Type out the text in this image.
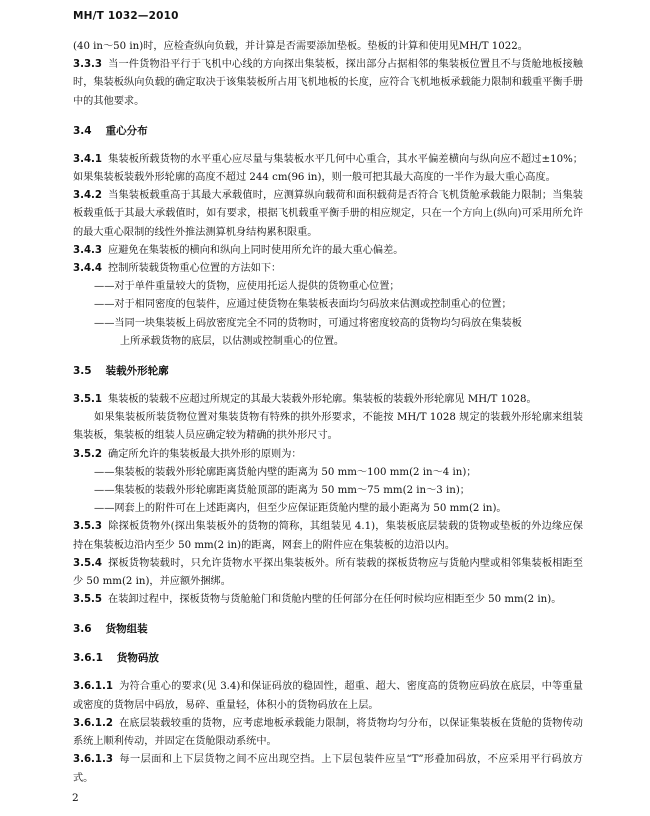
MH/T 1032—2010

(40 in～50 in)时，应检查纵向负载，并计算是否需要添加垫板。垫板的计算和使用见MH/T 1022。

3.3.3 当一件货物沿平行于飞机中心线的方向探出集装板，探出部分占据相邻的集装板位置且不与货舱地板接触时，集装板纵向负载的确定取决于该集装板所占用飞机地板的长度，应符合飞机地板承载能力限制和载重平衡手册中的其他要求。

3.4 重心分布

3.4.1 集装板所载货物的水平重心应尽量与集装板水平几何中心重合，其水平偏差横向与纵向应不超过±10%；如果集装板装载外形轮廓的高度不超过 244 cm(96 in)，则一般可把其最大高度的一半作为最大重心高度。

3.4.2 当集装板载重高于其最大承载值时，应测算纵向载荷和面积载荷是否符合飞机货舱承载能力限制；当集装板载重低于其最大承载值时，如有要求，根据飞机载重平衡手册的相应规定，只在一个方向上(纵向)可采用所允许的最大重心限制的线性外推法测算机身结构累积限重。

3.4.3 应避免在集装板的横向和纵向上同时使用所允许的最大重心偏差。

3.4.4 控制所装载货物重心位置的方法如下：

——对于单件重量较大的货物，应使用托运人提供的货物重心位置；

——对于相同密度的包装件，应通过使货物在集装板表面均匀码放来估测或控制重心的位置；

——当同一块集装板上码放密度完全不同的货物时，可通过将密度较高的货物均匀码放在集装板

上所承载货物的底层，以估测或控制重心的位置。

3.5 装载外形轮廓

3.5.1 集装板的装载不应超过所规定的其最大装载外形轮廓。集装板的装载外形轮廓见 MH/T 1028。

如果集装板所装货物位置对集装货物有特殊的拱外形要求，不能按 MH/T 1028 规定的装载外形轮廓来组装集装板，集装板的组装人员应确定较为精确的拱外形尺寸。

3.5.2 确定所允许的集装板最大拱外形的原则为：

——集装板的装载外形轮廓距离货舱内壁的距离为 50 mm～100 mm(2 in～4 in)；

——集装板的装载外形轮廓距离货舱顶部的距离为 50 mm～75 mm(2 in～3 in)；

——网套上的附件可在上述距离内，但至少应保证距货舱内壁的最小距离为 50 mm(2 in)。

3.5.3 除探板货物外(探出集装板外的货物的简称，其组装见 4.1)，集装板底层装载的货物或垫板的外边缘应保持在集装板边沿内至少 50 mm(2 in)的距离，网套上的附件应在集装板的边沿以内。

3.5.4 探板货物装载时，只允许货物水平探出集装板外。所有装载的探板货物应与货舱内壁或相邻集装板相距至少 50 mm(2 in)，并应额外捆绑。

3.5.5 在装卸过程中，探板货物与货舱舱门和货舱内壁的任何部分在任何时候均应相距至少 50 mm(2 in)。

3.6 货物组装

3.6.1 货物码放

3.6.1.1 为符合重心的要求(见 3.4)和保证码放的稳固性，超重、超大、密度高的货物应码放在底层，中等重量或密度的货物居中码放，易碎、重量轻，体积小的货物码放在上层。

3.6.1.2 在底层装载较重的货物，应考虑地板承载能力限制，将货物均匀分布，以保证集装板在货舱的货物传动系统上顺利传动，并固定在货舱限动系统中。

3.6.1.3 每一层面和上下层货物之间不应出现空挡。上下层包装件应呈“T”形叠加码放，不应采用平行码放方式。

2
